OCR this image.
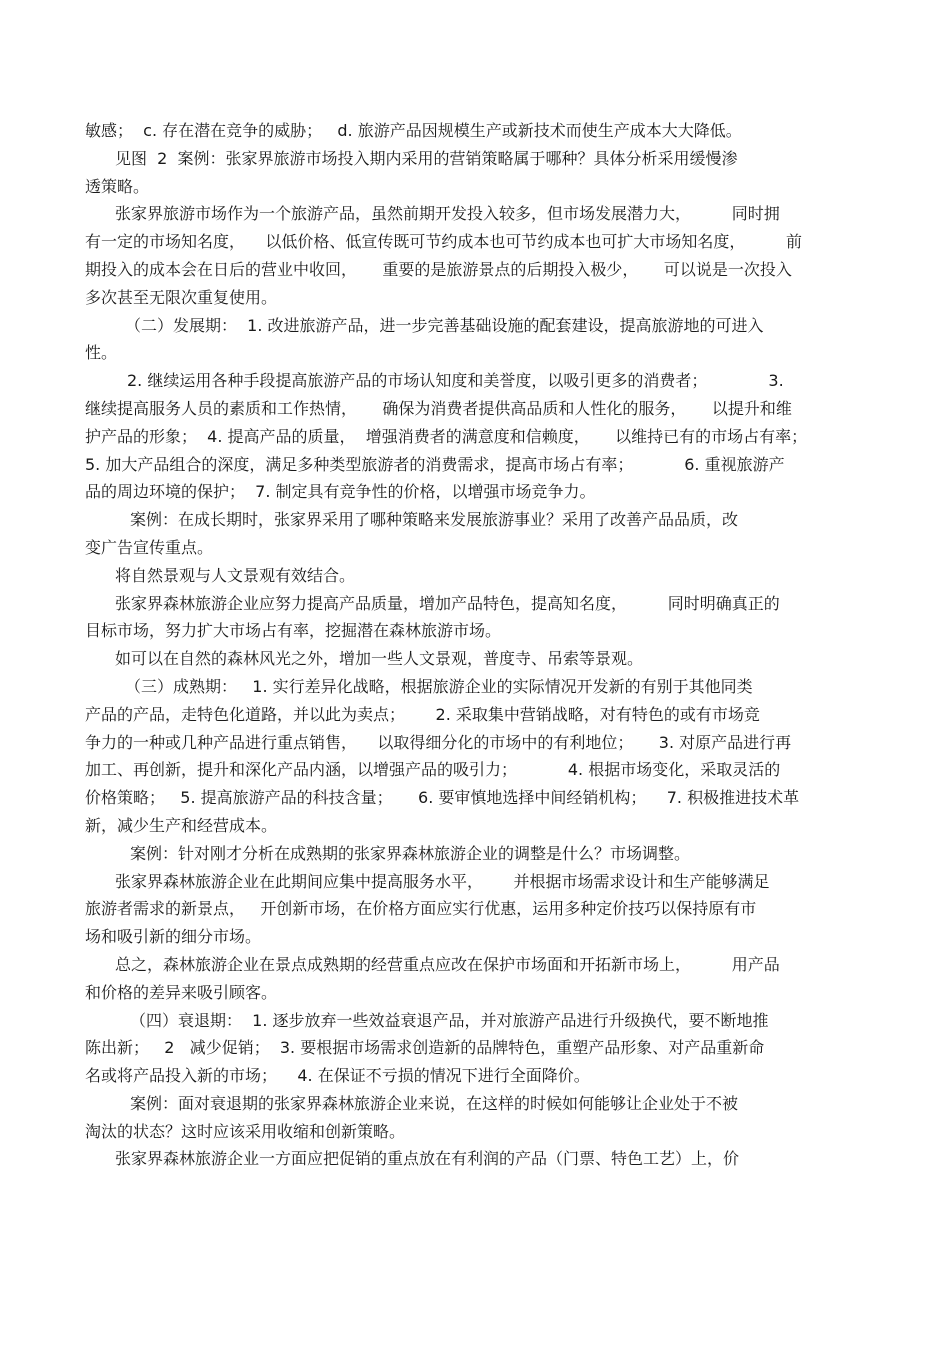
敏感；  c. 存在潜在竞争的威胁；   d. 旅游产品因规模生产或新技术而使生产成本大大降低。
见图  2  案例：张家界旅游市场投入期内采用的营销策略属于哪种？具体分析采用缓慢渗
透策略。
张家界旅游市场作为一个旅游产品，虽然前期开发投入较多，但市场发展潜力大，        同时拥
有一定的市场知名度，    以低价格、低宣传既可节约成本也可节约成本也可扩大市场知名度，        前
期投入的成本会在日后的营业中收回，     重要的是旅游景点的后期投入极少，     可以说是一次投入
多次甚至无限次重复使用。
（二）发展期：  1. 改进旅游产品，进一步完善基础设施的配套建设，提高旅游地的可进入
性。
2. 继续运用各种手段提高旅游产品的市场认知度和美誉度，以吸引更多的消费者；            3.
继续提高服务人员的素质和工作热情，     确保为消费者提供高品质和人性化的服务，     以提升和维
护产品的形象；  4. 提高产品的质量，  增强消费者的满意度和信赖度，     以维持已有的市场占有率；
5. 加大产品组合的深度，满足多种类型旅游者的消费需求，提高市场占有率；          6. 重视旅游产
品的周边环境的保护；  7. 制定具有竞争性的价格，以增强市场竞争力。
案例：在成长期时，张家界采用了哪种策略来发展旅游事业？采用了改善产品品质，改
变广告宣传重点。
将自然景观与人文景观有效结合。
张家界森林旅游企业应努力提高产品质量，增加产品特色，提高知名度，        同时明确真正的
目标市场，努力扩大市场占有率，挖掘潜在森林旅游市场。
如可以在自然的森林风光之外，增加一些人文景观，普度寺、吊索等景观。
（三）成熟期：   1. 实行差异化战略，根据旅游企业的实际情况开发新的有别于其他同类
产品的产品，走特色化道路，并以此为卖点；      2. 采取集中营销战略，对有特色的或有市场竞
争力的一种或几种产品进行重点销售，    以取得细分化的市场中的有利地位；     3. 对原产品进行再
加工、再创新，提升和深化产品内涵，以增强产品的吸引力；          4. 根据市场变化，采取灵活的
价格策略；   5. 提高旅游产品的科技含量；     6. 要审慎地选择中间经销机构；    7. 积极推进技术革
新，减少生产和经营成本。
案例：针对刚才分析在成熟期的张家界森林旅游企业的调整是什么？市场调整。
张家界森林旅游企业在此期间应集中提高服务水平，      并根据市场需求设计和生产能够满足
旅游者需求的新景点，   开创新市场，在价格方面应实行优惠，运用多种定价技巧以保持原有市
场和吸引新的细分市场。
总之，森林旅游企业在景点成熟期的经营重点应改在保护市场面和开拓新市场上，        用产品
和价格的差异来吸引顾客。
（四）衰退期：  1. 逐步放弃一些效益衰退产品，并对旅游产品进行升级换代，要不断地推
陈出新；   2   减少促销；  3. 要根据市场需求创造新的品牌特色，重塑产品形象、对产品重新命
名或将产品投入新的市场；    4. 在保证不亏损的情况下进行全面降价。
案例：面对衰退期的张家界森林旅游企业来说，在这样的时候如何能够让企业处于不被
淘汰的状态？这时应该采用收缩和创新策略。
张家界森林旅游企业一方面应把促销的重点放在有利润的产品（门票、特色工艺）上，价
